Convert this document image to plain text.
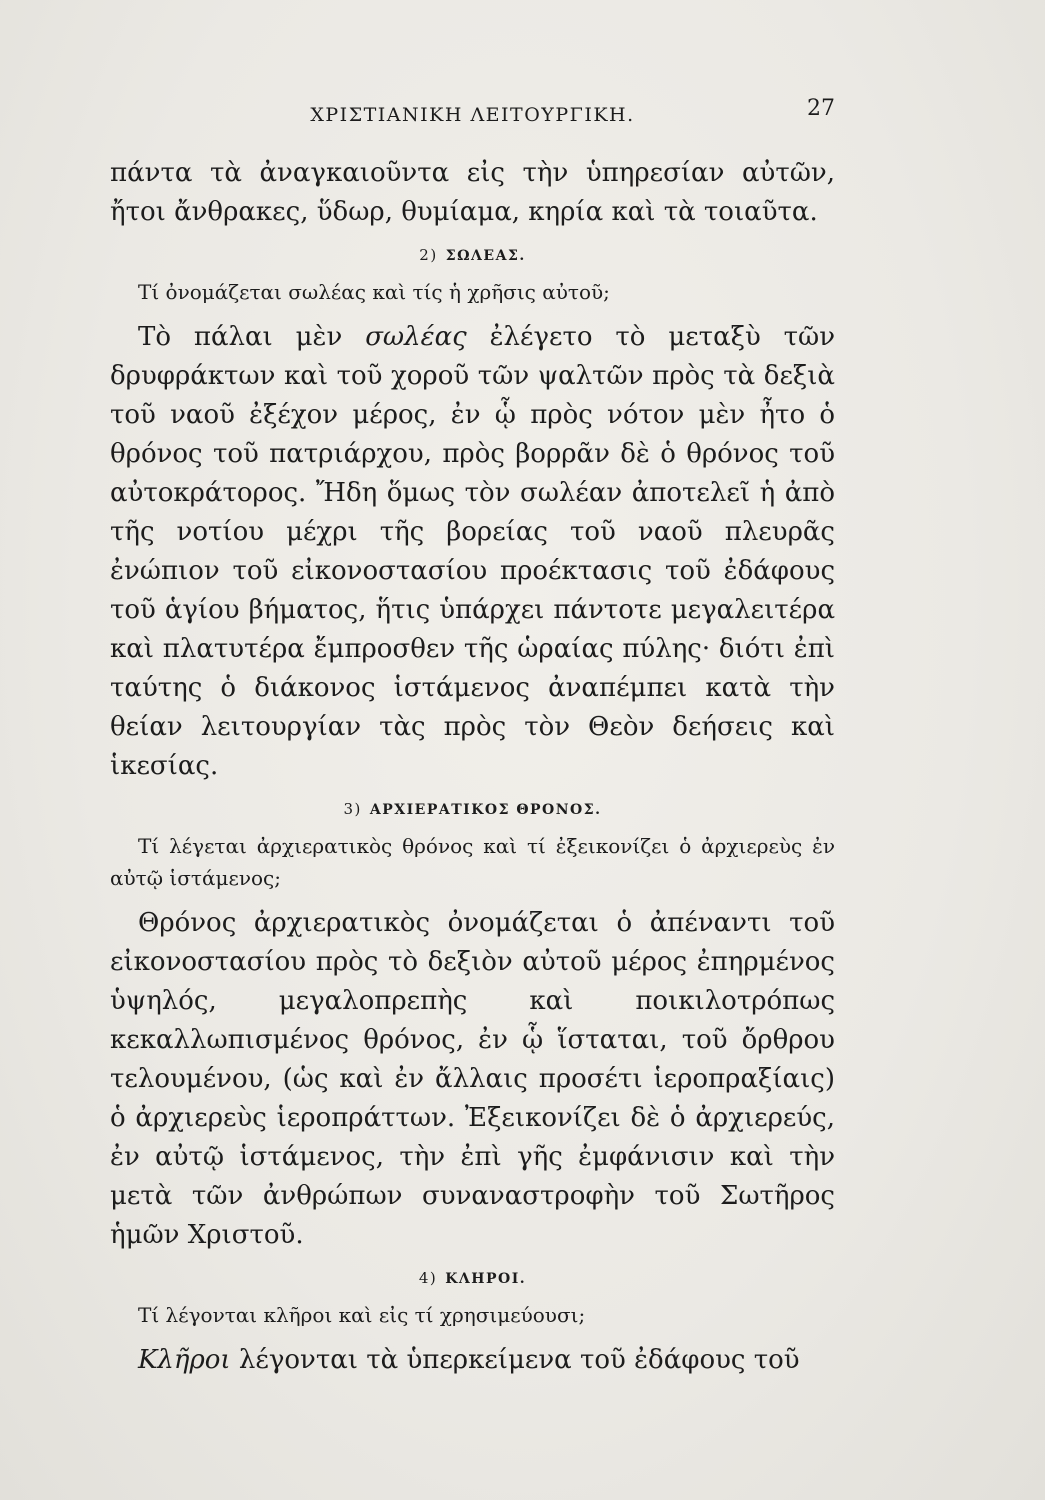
ΧΡΙΣΤΙΑΝΙΚΗ ΛΕΙΤΟΥΡΓΙΚΗ.	27

πάντα τὰ ἀναγκαιοῦντα εἰς τὴν ὑπηρεσίαν αὐτῶν, ἤτοι ἄνθρακες, ὕδωρ, θυμίαμα, κηρία καὶ τὰ τοιαῦτα.

2) ΣΩΛΕΑΣ.

Τί ὀνομάζεται σωλέας καὶ τίς ἡ χρῆσις αὐτοῦ;

Τὸ πάλαι μὲν σωλέας ἐλέγετο τὸ μεταξὺ τῶν δρυφράκτων καὶ τοῦ χοροῦ τῶν ψαλτῶν πρὸς τὰ δεξιὰ τοῦ ναοῦ ἐξέχον μέρος, ἐν ᾧ πρὸς νότον μὲν ἦτο ὁ θρόνος τοῦ πατριάρχου, πρὸς βορρᾶν δὲ ὁ θρόνος τοῦ αὐτοκράτορος. Ἤδη ὅμως τὸν σωλέαν ἀποτελεῖ ἡ ἀπὸ τῆς νοτίου μέχρι τῆς βορείας τοῦ ναοῦ πλευρᾶς ἐνώπιον τοῦ εἰκονοστασίου προέκτασις τοῦ ἐδάφους τοῦ ἁγίου βήματος, ἥτις ὑπάρχει πάντοτε μεγαλειτέρα καὶ πλατυτέρα ἔμπροσθεν τῆς ὡραίας πύλης· διότι ἐπὶ ταύτης ὁ διάκονος ἱστάμενος ἀναπέμπει κατὰ τὴν θείαν λειτουργίαν τὰς πρὸς τὸν Θεὸν δεήσεις καὶ ἱκεσίας.

3) ΑΡΧΙΕΡΑΤΙΚΟΣ ΘΡΟΝΟΣ.

Τί λέγεται ἀρχιερατικὸς θρόνος καὶ τί ἐξεικονίζει ὁ ἀρχιερεὺς ἐν αὐτῷ ἱστάμενος;

Θρόνος ἀρχιερατικὸς ὀνομάζεται ὁ ἀπέναντι τοῦ εἰκονοστασίου πρὸς τὸ δεξιὸν αὐτοῦ μέρος ἐπηρμένος ὑψηλός, μεγαλοπρεπὴς καὶ ποικιλοτρόπως κεκαλλωπισμένος θρόνος, ἐν ᾧ ἵσταται, τοῦ ὄρθρου τελουμένου, (ὡς καὶ ἐν ἄλλαις προσέτι ἱεροπραξίαις) ὁ ἀρχιερεὺς ἱεροπράττων. Ἐξεικονίζει δὲ ὁ ἀρχιερεύς, ἐν αὐτῷ ἱστάμενος, τὴν ἐπὶ γῆς ἐμφάνισιν καὶ τὴν μετὰ τῶν ἀνθρώπων συναναστροφὴν τοῦ Σωτῆρος ἡμῶν Χριστοῦ.

4) ΚΛΗΡΟΙ.

Τί λέγονται κλῆροι καὶ εἰς τί χρησιμεύουσι;

Κλῆροι λέγονται τὰ ὑπερκείμενα τοῦ ἐδάφους τοῦ
